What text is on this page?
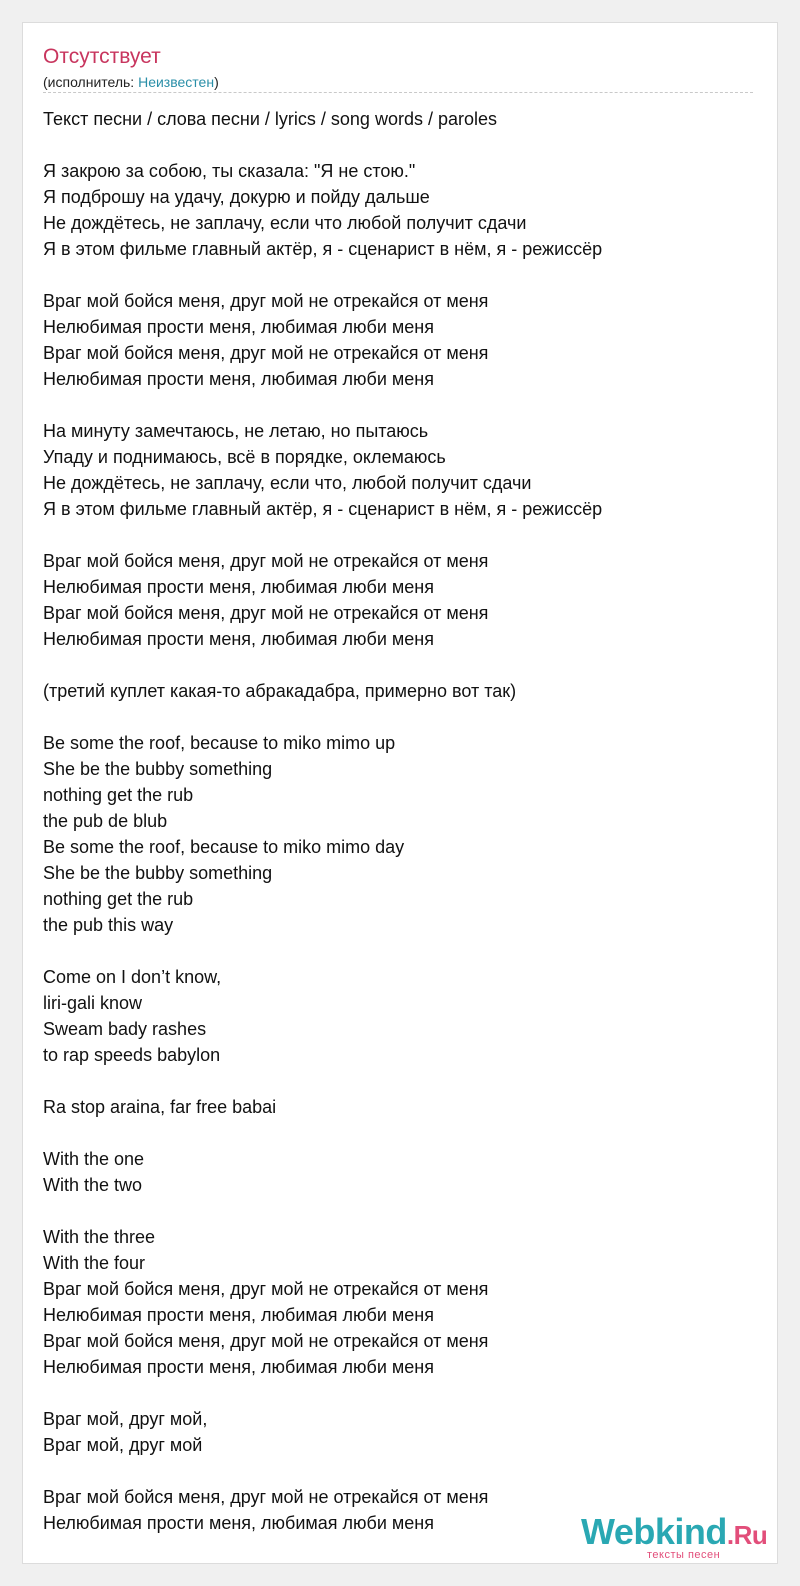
Отсутствует
(исполнитель: Неизвестен)
Текст песни / слова песни / lyrics / song words / paroles
Я закрою за собою, ты сказала: "Я не стою."
Я подброшу на удачу, докурю и пойду дальше
Не дождётесь, не заплачу, если что любой получит сдачи
Я в этом фильме главный актёр, я - сценарист в нём, я - режиссёр
Враг мой бойся меня, друг мой не отрекайся от меня
Нелюбимая прости меня, любимая люби меня
Враг мой бойся меня, друг мой не отрекайся от меня
Нелюбимая прости меня, любимая люби меня
На минуту замечтаюсь, не летаю, но пытаюсь
Упаду и поднимаюсь, всё в порядке, оклемаюсь
Не дождётесь, не заплачу, если что, любой получит сдачи
Я в этом фильме главный актёр, я - сценарист в нём, я - режиссёр
Враг мой бойся меня, друг мой не отрекайся от меня
Нелюбимая прости меня, любимая люби меня
Враг мой бойся меня, друг мой не отрекайся от меня
Нелюбимая прости меня, любимая люби меня
(третий куплет какая-то абракадабра, примерно вот так)
Be some the roof, because to miko mimo up
She be the bubby something
nothing get the rub
the pub de blub
Be some the roof, because to miko mimo day
She be the bubby something
nothing get the rub
the pub this way
Come on I don’t know,
liri-gali know
Sweam bady rashes
to rap speeds babylon
Ra stop araina, far free babai
With the one
With the two
With the three
With the four
Враг мой бойся меня, друг мой не отрекайся от меня
Нелюбимая прости меня, любимая люби меня
Враг мой бойся меня, друг мой не отрекайся от меня
Нелюбимая прости меня, любимая люби меня
Враг мой, друг мой,
Враг мой, друг мой
Враг мой бойся меня, друг мой не отрекайся от меня
Нелюбимая прости меня, любимая люби меня	Webkind.Ru
тексты песен
